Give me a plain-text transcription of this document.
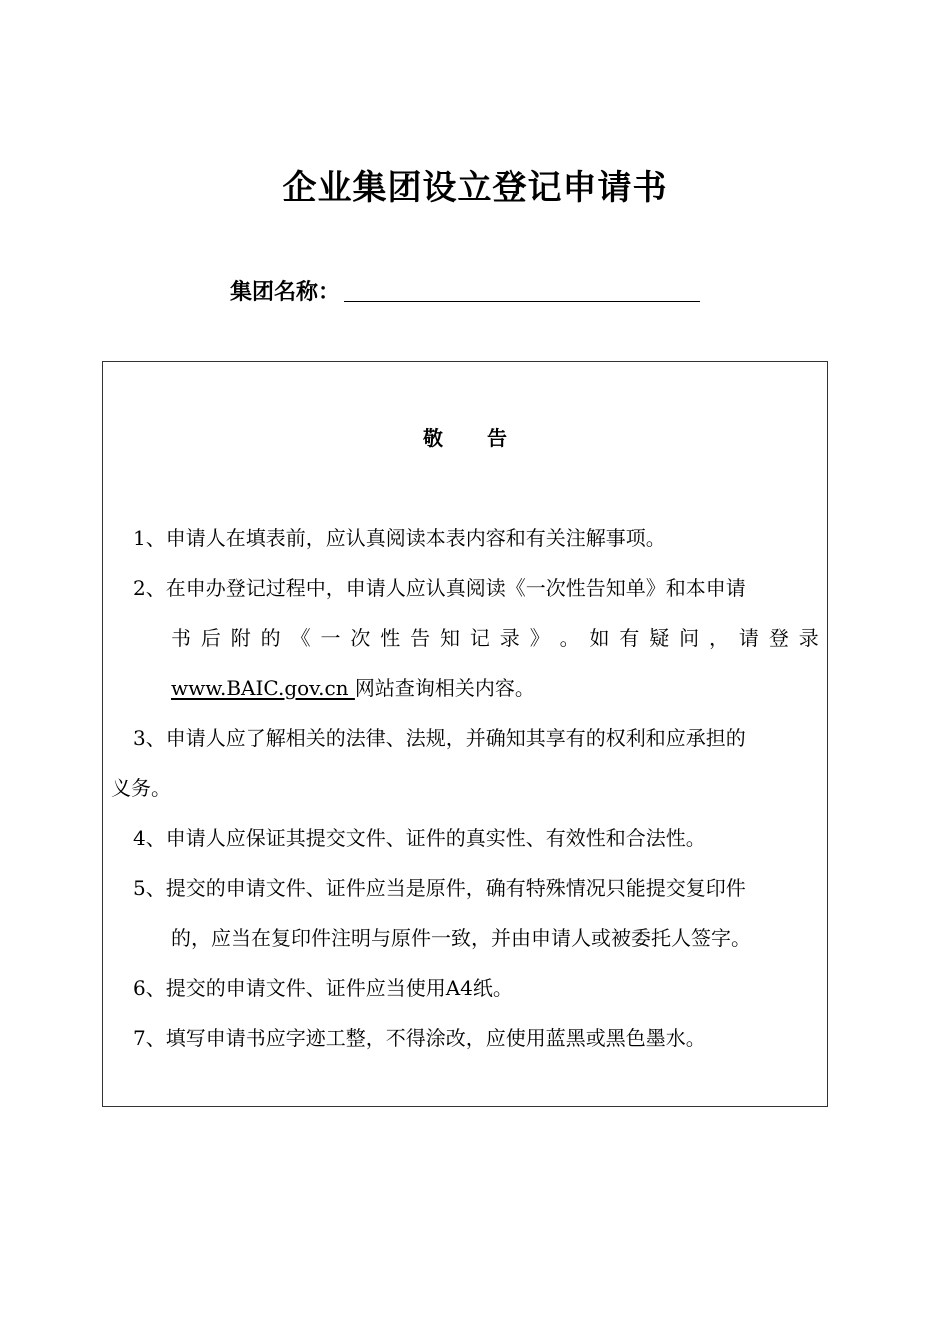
企业集团设立登记申请书
集团名称：
敬 告
1、申请人在填表前，应认真阅读本表内容和有关注解事项。
2、在申办登记过程中，申请人应认真阅读《一次性告知单》和本申请
书 后 附 的 《 一 次 性 告 知 记 录 》 。 如 有 疑 问 ， 请 登 录
www.BAIC.gov.cn 网站查询相关内容。
3、申请人应了解相关的法律、法规，并确知其享有的权利和应承担的
义务。
4、申请人应保证其提交文件、证件的真实性、有效性和合法性。
5、提交的申请文件、证件应当是原件，确有特殊情况只能提交复印件
的，应当在复印件注明与原件一致，并由申请人或被委托人签字。
6、提交的申请文件、证件应当使用A4纸。
7、填写申请书应字迹工整，不得涂改，应使用蓝黑或黑色墨水。
